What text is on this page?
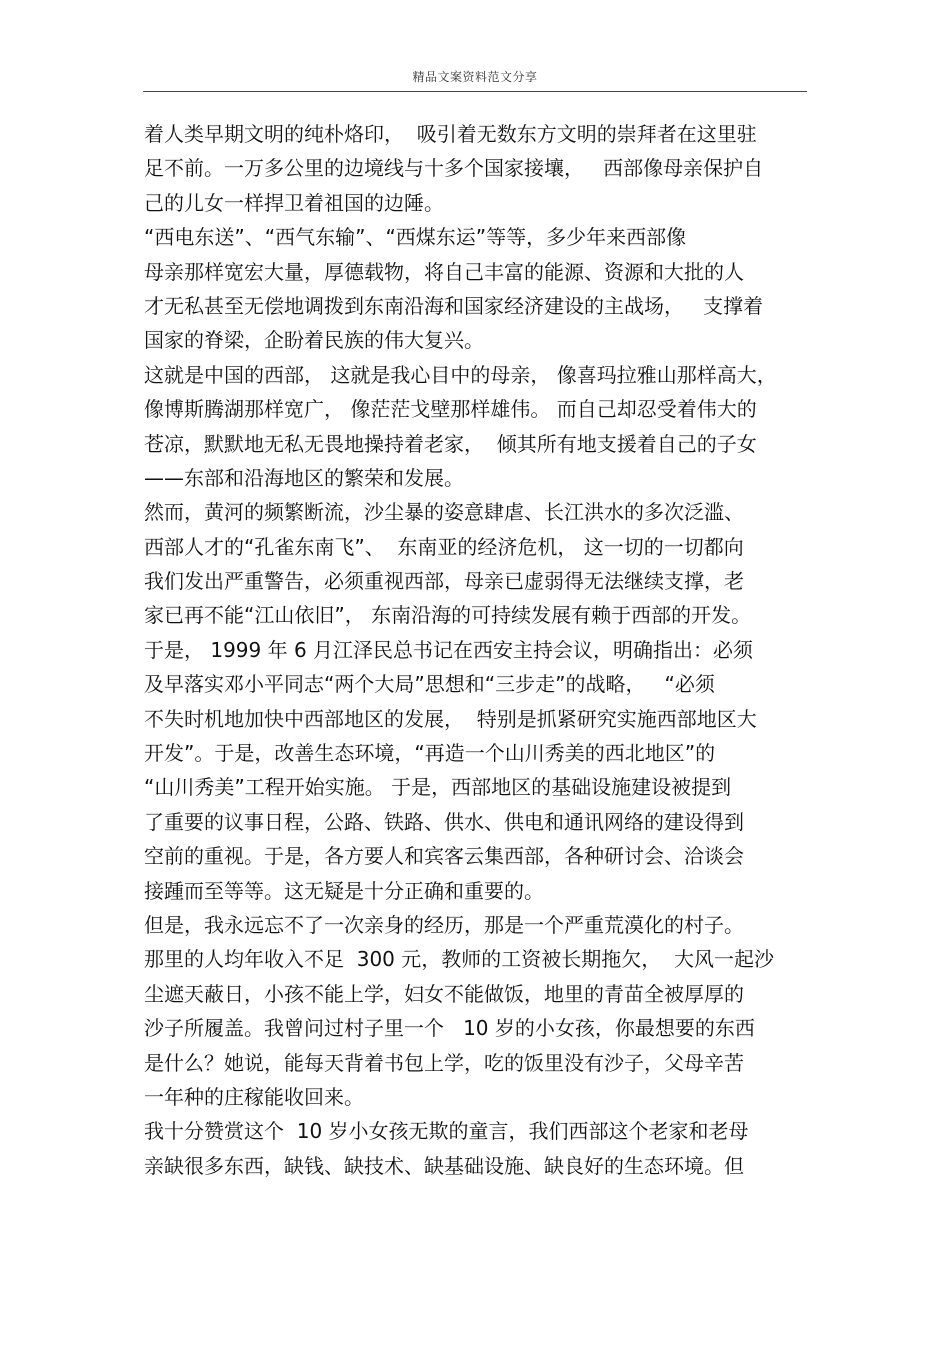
精品文案资料范文分享
着人类早期文明的纯朴烙印，  吸引着无数东方文明的崇拜者在这里驻
足不前。一万多公里的边境线与十多个国家接壤，   西部像母亲保护自
己的儿女一样捍卫着祖国的边陲。
“西电东送”、“西气东输”、“西煤东运”等等，多少年来西部像
母亲那样宽宏大量，厚德载物，将自己丰富的能源、资源和大批的人
才无私甚至无偿地调拨到东南沿海和国家经济建设的主战场，   支撑着
国家的脊梁，企盼着民族的伟大复兴。
这就是中国的西部， 这就是我心目中的母亲， 像喜玛拉雅山那样高大，
像博斯腾湖那样宽广， 像茫茫戈壁那样雄伟。 而自己却忍受着伟大的
苍凉，默默地无私无畏地操持着老家，  倾其所有地支援着自己的子女
——东部和沿海地区的繁荣和发展。
然而，黄河的频繁断流，沙尘暴的姿意肆虐、长江洪水的多次泛滥、
西部人才的“孔雀东南飞”、  东南亚的经济危机， 这一切的一切都向
我们发出严重警告，必须重视西部，母亲已虚弱得无法继续支撑，老
家已再不能“江山依旧”， 东南沿海的可持续发展有赖于西部的开发。
于是， 1999 年 6 月江泽民总书记在西安主持会议，明确指出：必须
及早落实邓小平同志“两个大局”思想和“三步走”的战略，   “必须
不失时机地加快中西部地区的发展，  特别是抓紧研究实施西部地区大
开发”。于是，改善生态环境，“再造一个山川秀美的西北地区”的
“山川秀美”工程开始实施。 于是，西部地区的基础设施建设被提到
了重要的议事日程，公路、铁路、供水、供电和通讯网络的建设得到
空前的重视。于是，各方要人和宾客云集西部，各种研讨会、洽谈会
接踵而至等等。这无疑是十分正确和重要的。
但是，我永远忘不了一次亲身的经历，那是一个严重荒漠化的村子。
那里的人均年收入不足  300 元，教师的工资被长期拖欠，  大风一起沙
尘遮天蔽日，小孩不能上学，妇女不能做饭，地里的青苗全被厚厚的
沙子所履盖。我曾问过村子里一个   10 岁的小女孩，你最想要的东西
是什么？她说，能每天背着书包上学，吃的饭里没有沙子，父母辛苦
一年种的庄稼能收回来。
我十分赞赏这个  10 岁小女孩无欺的童言，我们西部这个老家和老母
亲缺很多东西，缺钱、缺技术、缺基础设施、缺良好的生态环境。但
